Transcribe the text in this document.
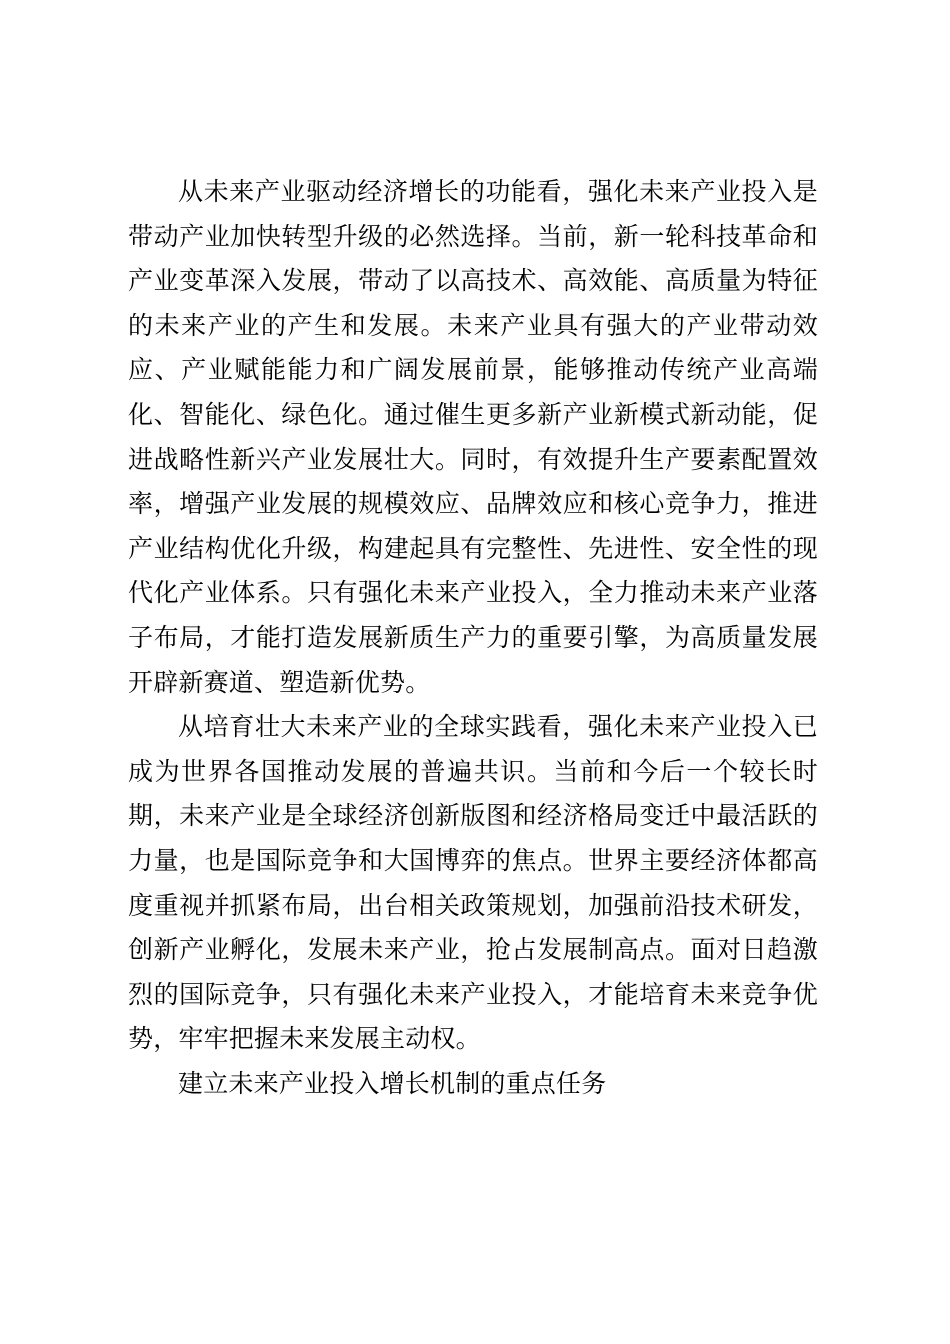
从未来产业驱动经济增长的功能看，强化未来产业投入是带动产业加快转型升级的必然选择。当前，新一轮科技革命和产业变革深入发展，带动了以高技术、高效能、高质量为特征的未来产业的产生和发展。未来产业具有强大的产业带动效应、产业赋能能力和广阔发展前景，能够推动传统产业高端化、智能化、绿色化。通过催生更多新产业新模式新动能，促进战略性新兴产业发展壮大。同时，有效提升生产要素配置效率，增强产业发展的规模效应、品牌效应和核心竞争力，推进产业结构优化升级，构建起具有完整性、先进性、安全性的现代化产业体系。只有强化未来产业投入，全力推动未来产业落子布局，才能打造发展新质生产力的重要引擎，为高质量发展开辟新赛道、塑造新优势。

从培育壮大未来产业的全球实践看，强化未来产业投入已成为世界各国推动发展的普遍共识。当前和今后一个较长时期，未来产业是全球经济创新版图和经济格局变迁中最活跃的力量，也是国际竞争和大国博弈的焦点。世界主要经济体都高度重视并抓紧布局，出台相关政策规划，加强前沿技术研发，创新产业孵化，发展未来产业，抢占发展制高点。面对日趋激烈的国际竞争，只有强化未来产业投入，才能培育未来竞争优势，牢牢把握未来发展主动权。

建立未来产业投入增长机制的重点任务
